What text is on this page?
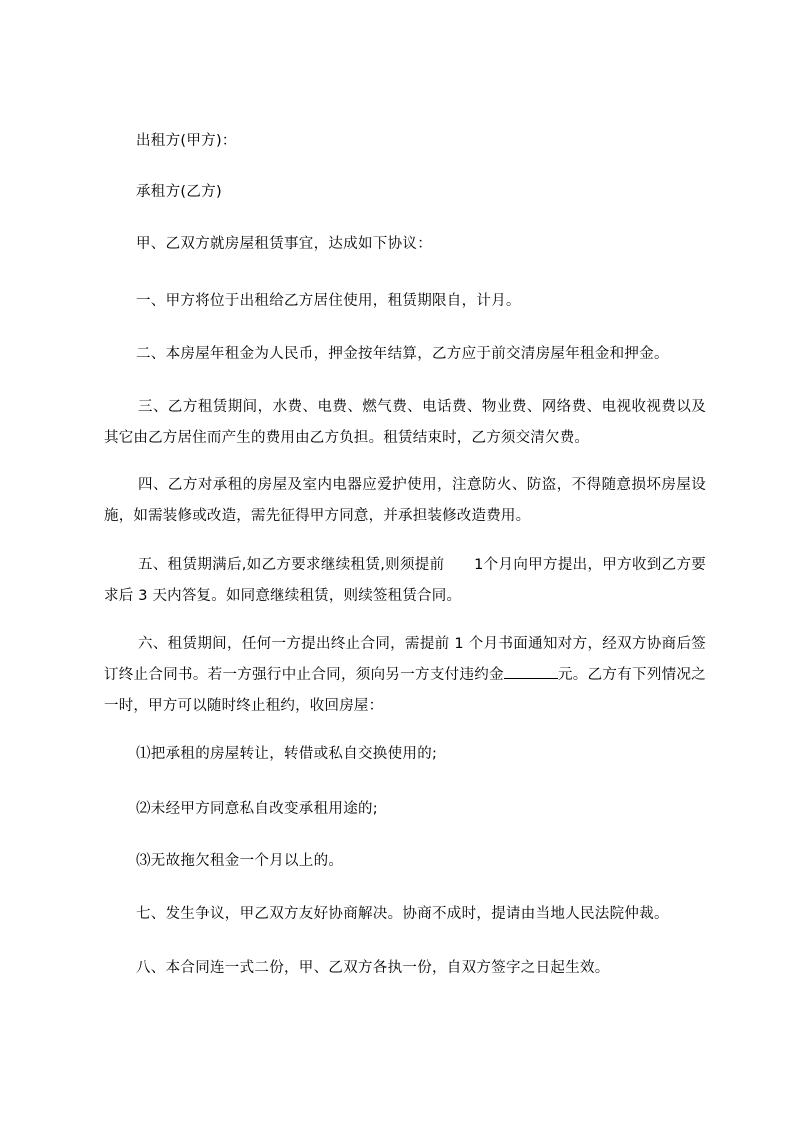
出租方(甲方)：
承租方(乙方)
甲、乙双方就房屋租赁事宜，达成如下协议：
一、甲方将位于出租给乙方居住使用，租赁期限自，计月。
二、本房屋年租金为人民币，押金按年结算，乙方应于前交清房屋年租金和押金。
三、乙方租赁期间，水费、电费、燃气费、电话费、物业费、网络费、电视收视费以及其它由乙方居住而产生的费用由乙方负担。租赁结束时，乙方须交清欠费。
四、乙方对承租的房屋及室内电器应爱护使用，注意防火、防盗，不得随意损坏房屋设施，如需装修或改造，需先征得甲方同意，并承担装修改造费用。
五、租赁期满后,如乙方要求继续租赁,则须提前　　1个月向甲方提出，甲方收到乙方要求后 3 天内答复。如同意继续租赁，则续签租赁合同。
六、租赁期间，任何一方提出终止合同，需提前 1 个月书面通知对方，经双方协商后签订终止合同书。若一方强行中止合同，须向另一方支付违约金	元。乙方有下列情况之一时，甲方可以随时终止租约，收回房屋：
⑴把承租的房屋转让，转借或私自交换使用的;
⑵未经甲方同意私自改变承租用途的;
⑶无故拖欠租金一个月以上的。
七、发生争议，甲乙双方友好协商解决。协商不成时，提请由当地人民法院仲裁。
八、本合同连一式二份，甲、乙双方各执一份，自双方签字之日起生效。
